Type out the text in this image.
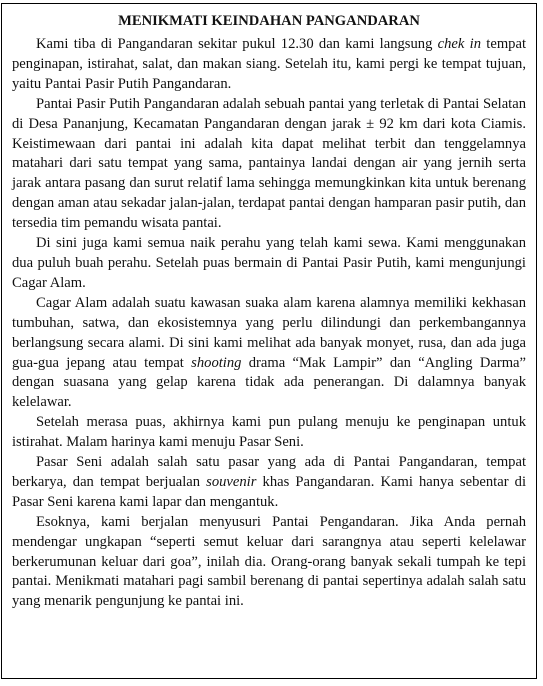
MENIKMATI KEINDAHAN PANGANDARAN

Kami tiba di Pangandaran sekitar pukul 12.30 dan kami langsung chek in tempat penginapan, istirahat, salat, dan makan siang. Setelah itu, kami pergi ke tempat tujuan, yaitu Pantai Pasir Putih Pangandaran.

Pantai Pasir Putih Pangandaran adalah sebuah pantai yang terletak di Pantai Selatan di Desa Pananjung, Kecamatan Pangandaran dengan jarak ± 92 km dari kota Ciamis. Keistimewaan dari pantai ini adalah kita dapat melihat terbit dan tenggelamnya matahari dari satu tempat yang sama, pantainya landai dengan air yang jernih serta jarak antara pasang dan surut relatif lama sehingga memungkinkan kita untuk berenang dengan aman atau sekadar jalan-jalan, terdapat pantai dengan hamparan pasir putih, dan tersedia tim pemandu wisata pantai.

Di sini juga kami semua naik perahu yang telah kami sewa. Kami menggunakan dua puluh buah perahu. Setelah puas bermain di Pantai Pasir Putih, kami mengunjungi Cagar Alam.

Cagar Alam adalah suatu kawasan suaka alam karena alamnya memiliki kekhasan tumbuhan, satwa, dan ekosistemnya yang perlu dilindungi dan perkembangannya berlangsung secara alami. Di sini kami melihat ada banyak monyet, rusa, dan ada juga gua-gua jepang atau tempat shooting drama “Mak Lampir” dan “Angling Darma” dengan suasana yang gelap karena tidak ada penerangan. Di dalamnya banyak kelelawar.

Setelah merasa puas, akhirnya kami pun pulang menuju ke penginapan untuk istirahat. Malam harinya kami menuju Pasar Seni.

Pasar Seni adalah salah satu pasar yang ada di Pantai Pangandaran, tempat berkarya, dan tempat berjualan souvenir khas Pangandaran. Kami hanya sebentar di Pasar Seni karena kami lapar dan mengantuk.

Esoknya, kami berjalan menyusuri Pantai Pengandaran. Jika Anda pernah mendengar ungkapan “seperti semut keluar dari sarangnya atau seperti kelelawar berkerumunan keluar dari goa”, inilah dia. Orang-orang banyak sekali tumpah ke tepi pantai. Menikmati matahari pagi sambil berenang di pantai sepertinya adalah salah satu yang menarik pengunjung ke pantai ini.
